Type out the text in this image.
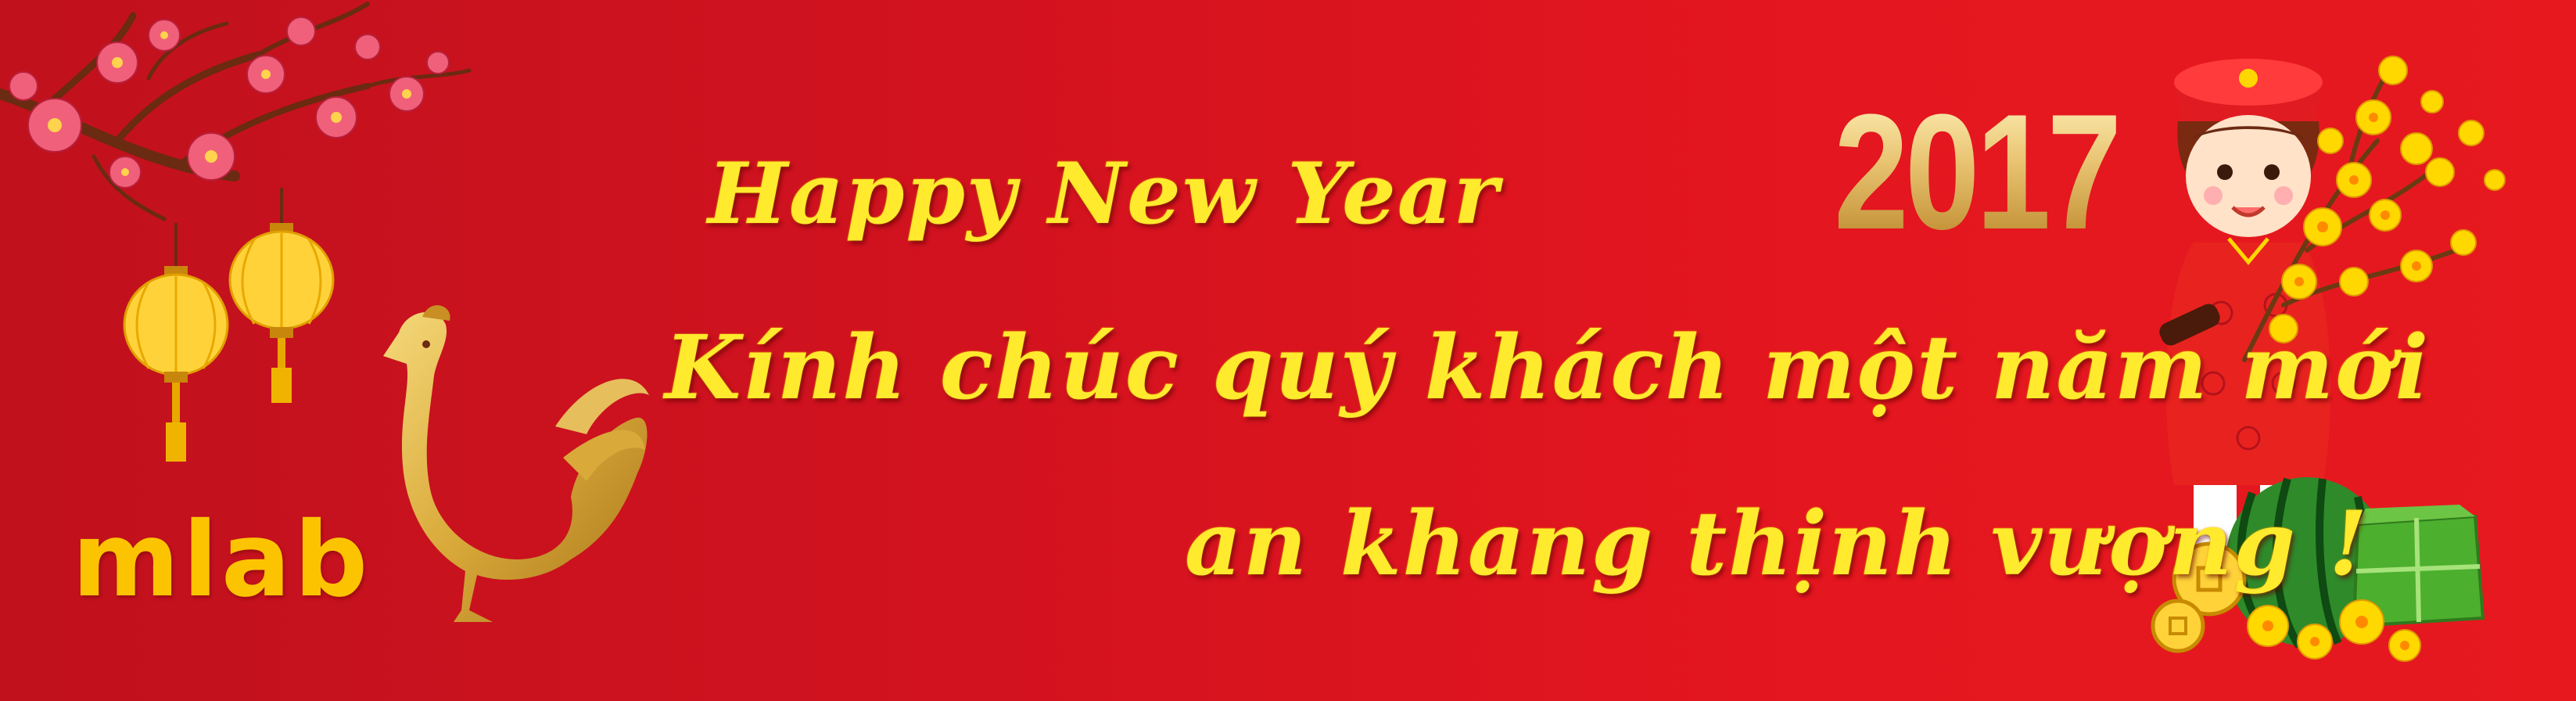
2017

Happy New Year

Kính chúc quý khách một năm mới

an khang thịnh vượng !

mlab
